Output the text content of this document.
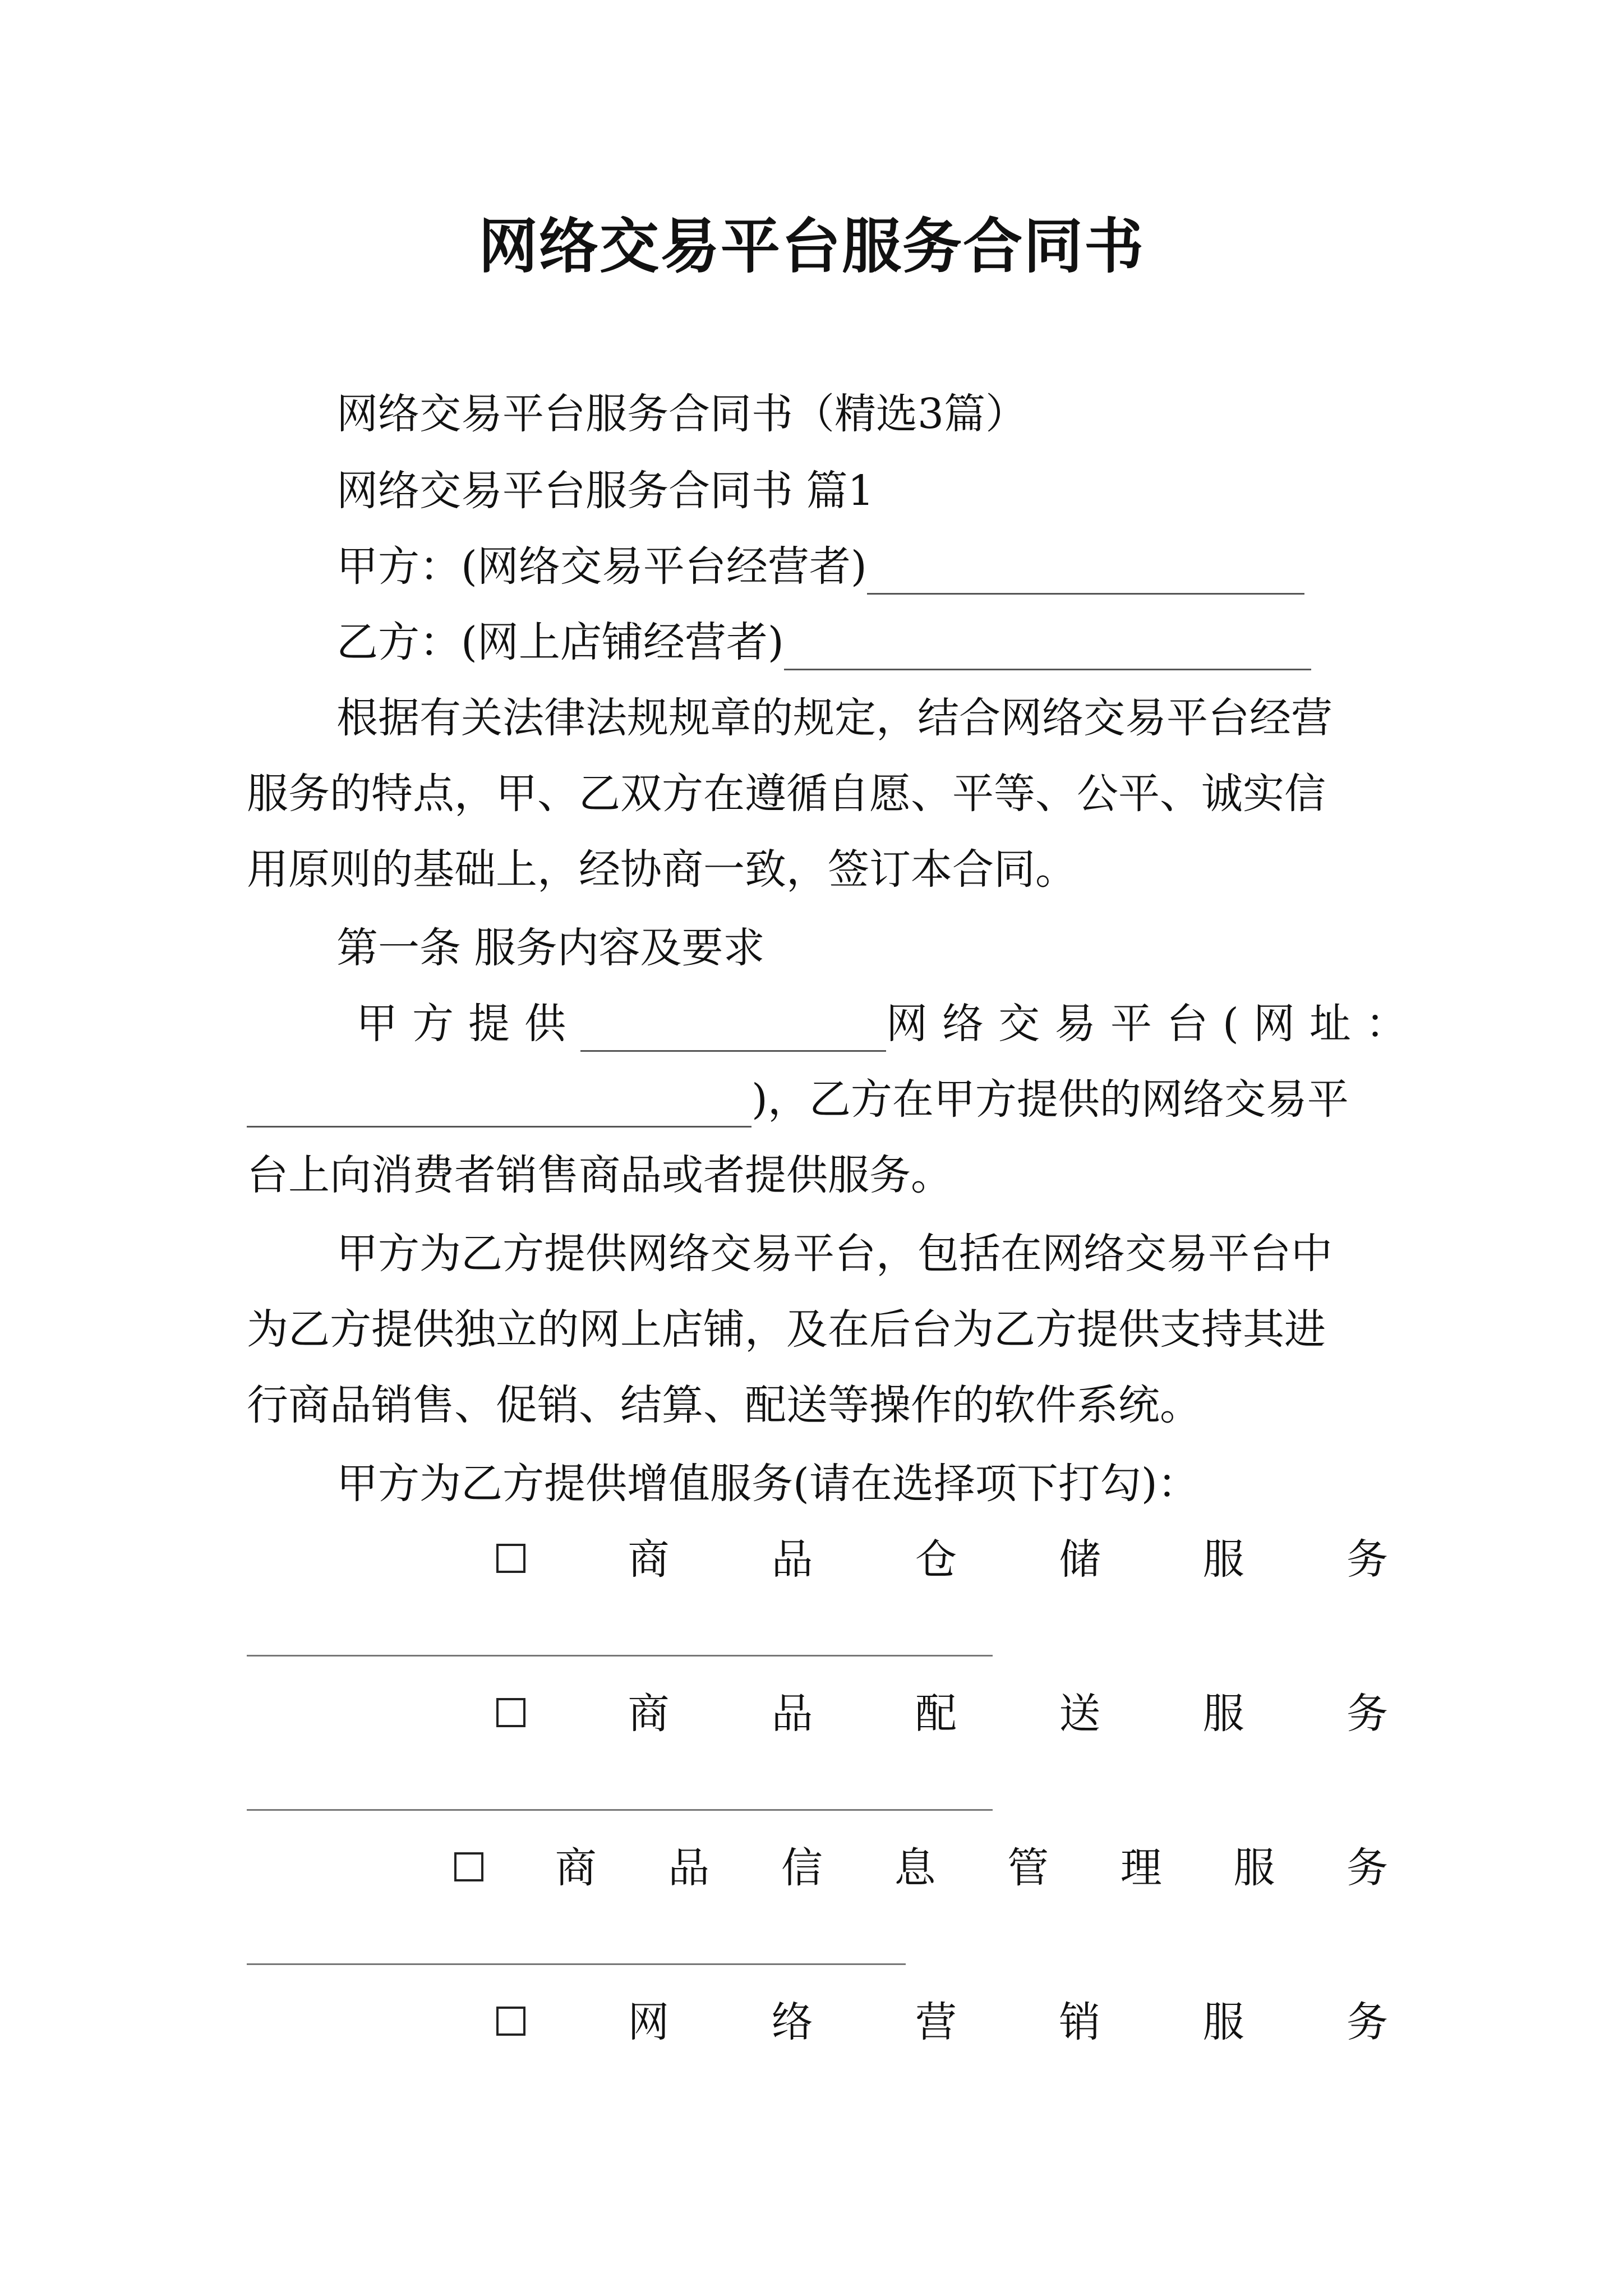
网络交易平台服务合同书
网络交易平台服务合同书（精选3篇）
网络交易平台服务合同书 篇1
甲方：(网络交易平台经营者)
乙方：(网上店铺经营者)
根据有关法律法规规章的规定，结合网络交易平台经营
服务的特点，甲、乙双方在遵循自愿、平等、公平、诚实信
用原则的基础上，经协商一致，签订本合同。
第一条 服务内容及要求
甲方提供	网络交易平台(网址：
)，乙方在甲方提供的网络交易平
台上向消费者销售商品或者提供服务。
甲方为乙方提供网络交易平台，包括在网络交易平台中
为乙方提供独立的网上店铺，及在后台为乙方提供支持其进
行商品销售、促销、结算、配送等操作的软件系统。
甲方为乙方提供增值服务(请在选择项下打勾)：
商 品 仓 储 服 务
商 品 配 送 服 务
商 品 信 息 管 理 服 务
网 络 营 销 服 务
